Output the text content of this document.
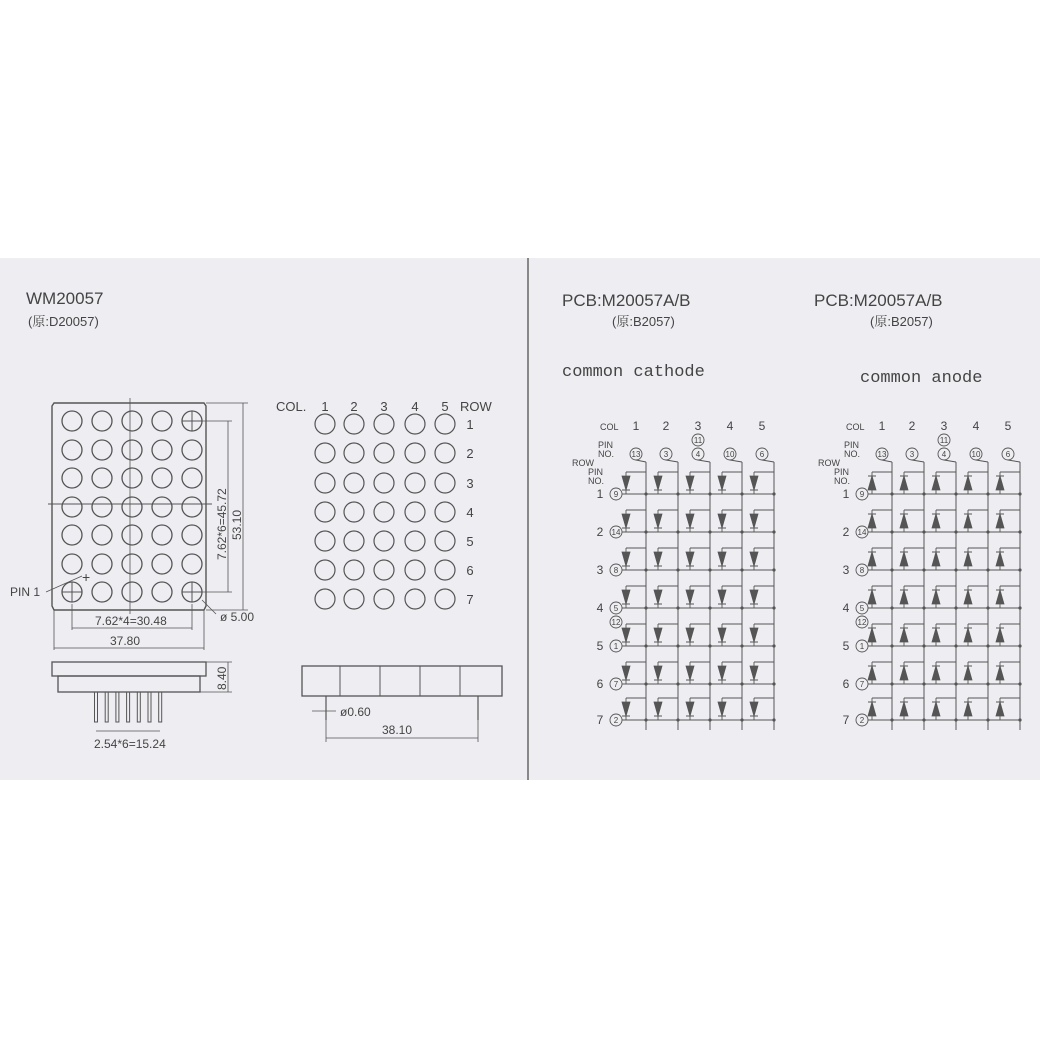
WM20057
(原:D20057)
PIN 1
+
53.10
7.62*6=45.72
7.62*4=30.48
37.80
ø 5.00
8.40
2.54*6=15.24
COL.	ROW
1 2 3 4 5
1
2
3
4
5
6
7
ø0.60
38.10
PCB:M20057A/B
(原:B2057)
common cathode
COL 1 2 3 4 5
PIN
NO. 13	3	4	10	6
11
ROW
PIN
NO.
1 9
2 14
3 8
4 5
5 1
6 7
7 2
12
PCB:M20057A/B
(原:B2057)
common anode
COL 1 2 3 4 5
PIN
NO. 13	3	4	10	6
11
ROW
PIN
NO.
1 9
2 14
3 8
4 5
5 1
6 7
7 2
12
